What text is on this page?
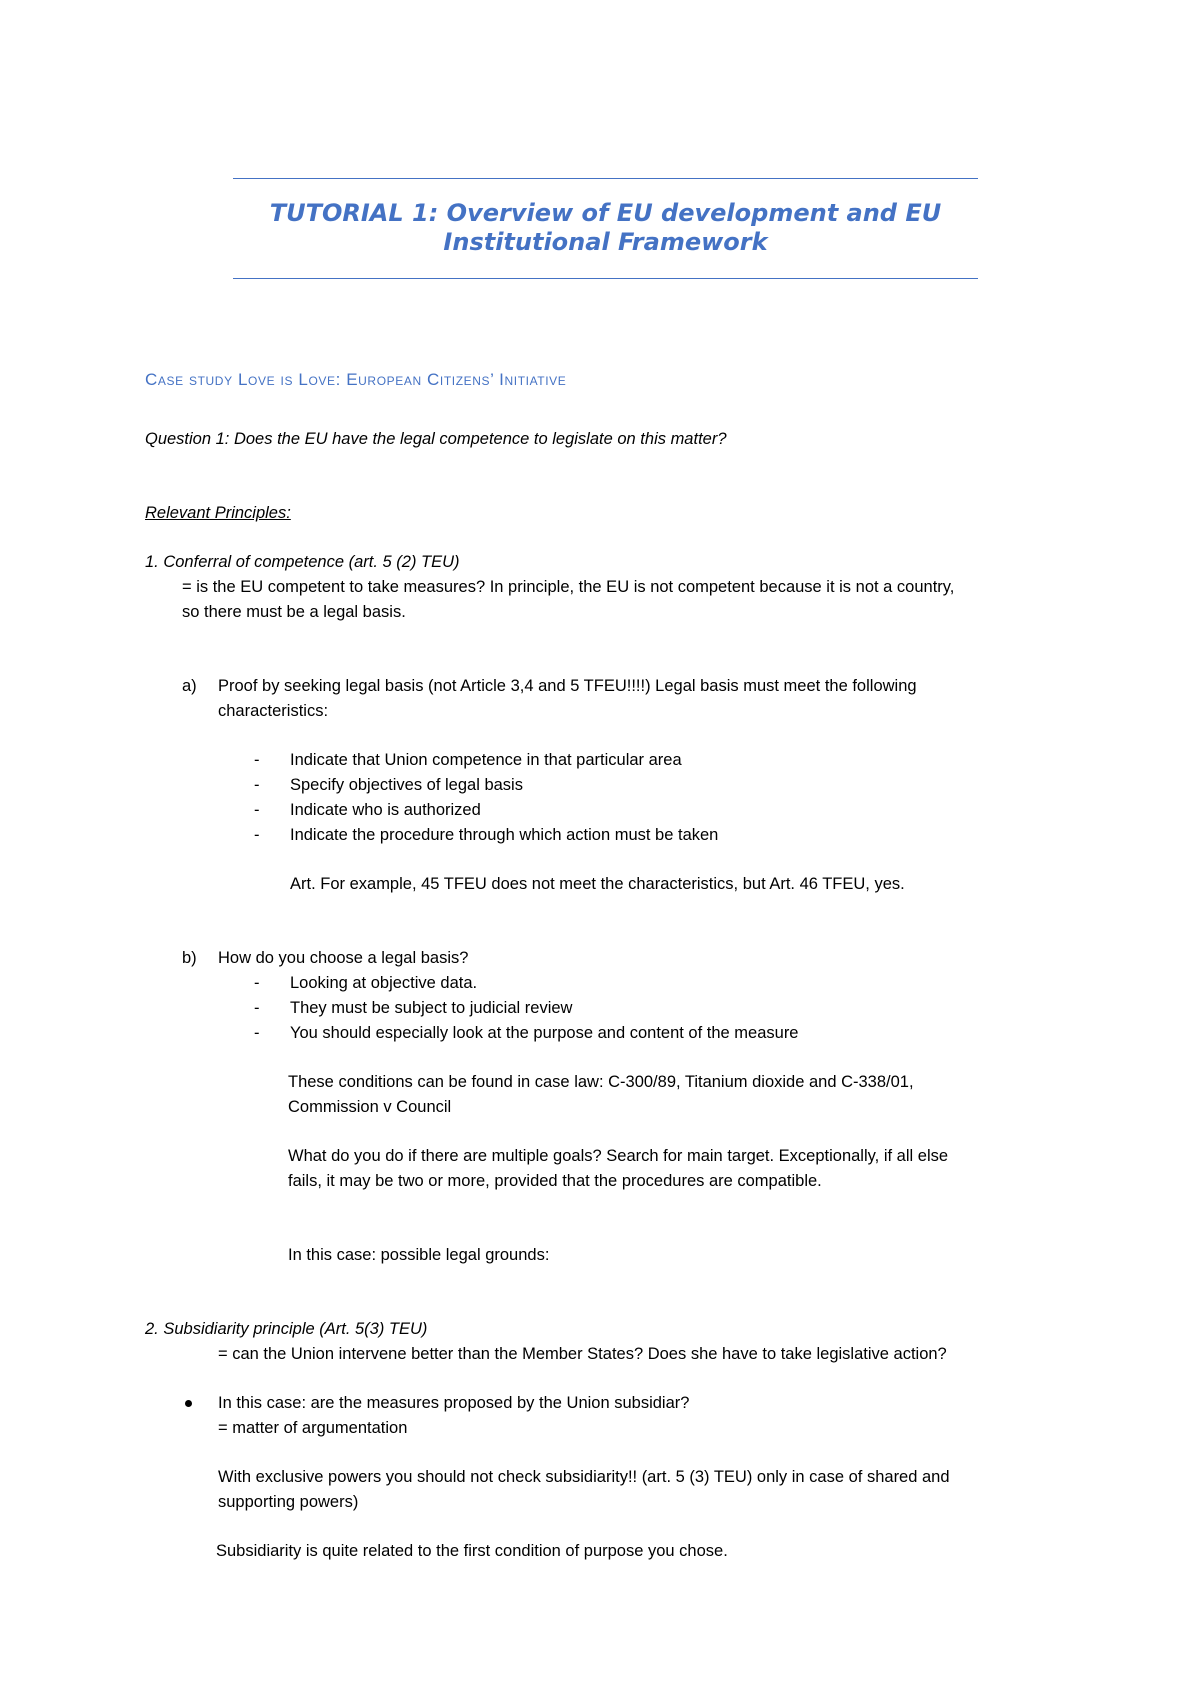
TUTORIAL 1: Overview of EU development and EU
Institutional Framework
Case study Love is Love: European Citizens’ Initiative
Question 1: Does the EU have the legal competence to legislate on this matter?
Relevant Principles:
1. Conferral of competence (art. 5 (2) TEU)
= is the EU competent to take measures? In principle, the EU is not competent because it is not a country,
so there must be a legal basis.
a) Proof by seeking legal basis (not Article 3,4 and 5 TFEU!!!!) Legal basis must meet the following
characteristics:
- Indicate that Union competence in that particular area
- Specify objectives of legal basis
- Indicate who is authorized
- Indicate the procedure through which action must be taken
Art. For example, 45 TFEU does not meet the characteristics, but Art. 46 TFEU, yes.
b) How do you choose a legal basis?
- Looking at objective data.
- They must be subject to judicial review
- You should especially look at the purpose and content of the measure
These conditions can be found in case law: C-300/89, Titanium dioxide and C-338/01,
Commission v Council
What do you do if there are multiple goals? Search for main target. Exceptionally, if all else
fails, it may be two or more, provided that the procedures are compatible.
In this case: possible legal grounds:
2. Subsidiarity principle (Art. 5(3) TEU)
= can the Union intervene better than the Member States? Does she have to take legislative action?
In this case: are the measures proposed by the Union subsidiar?
= matter of argumentation
With exclusive powers you should not check subsidiarity!! (art. 5 (3) TEU) only in case of shared and
supporting powers)
Subsidiarity is quite related to the first condition of purpose you chose.
